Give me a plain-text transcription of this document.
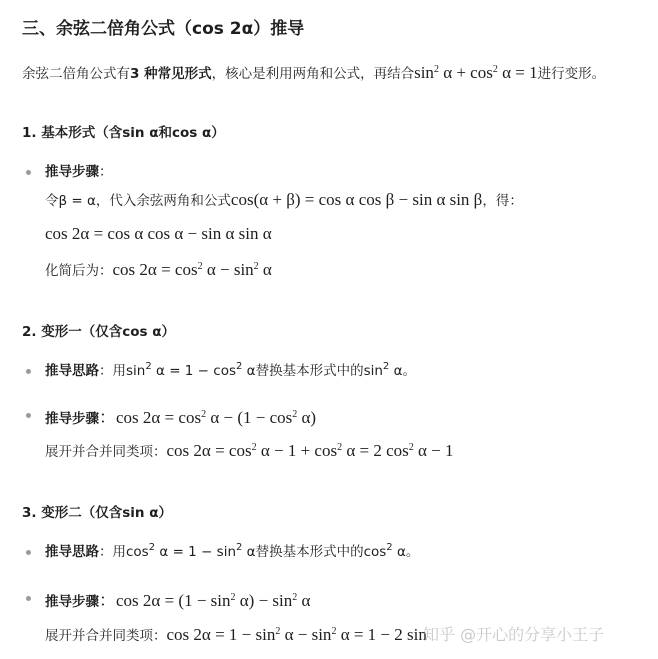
三、余弦二倍角公式（cos 2α）推导
余弦二倍角公式有3 种常见形式，核心是利用两角和公式，再结合$\sin^2 \alpha + \cos^2 \alpha = 1$进行变形。
1. 基本形式（含sin α和cos α）
推导步骤：
令β = α，代入余弦两角和公式cos(α + β) = cos α cos β − sin α sin β，得：
cos 2α = cos α cos α − sin α sin α
化简后为：$\cos 2\alpha = \cos^2 \alpha - \sin^2 \alpha$
2. 变形一（仅含cos α）
推导思路：用$\sin^2 \alpha = 1 - \cos^2 \alpha$替换基本形式中的$\sin^2 \alpha$。
推导步骤：$\cos 2\alpha = \cos^2 \alpha - (1 - \cos^2 \alpha)$
展开并合并同类项：$\cos 2\alpha = \cos^2 \alpha - 1 + \cos^2 \alpha = 2$ $\cos^2 \alpha - 1$
3. 变形二（仅含sin α）
推导思路：用$\cos^2 \alpha = 1 - \sin^2 \alpha$替换基本形式中的$\cos^2 \alpha$。
推导步骤：$\cos 2\alpha = (1 - \sin^2 \alpha) - \sin^2 \alpha$
展开并合并同类项：$\cos 2\alpha = 1 - \sin^2 \alpha - \sin^2 \alpha = 1 - 2$ sin
知乎 @开心的分享小王子
